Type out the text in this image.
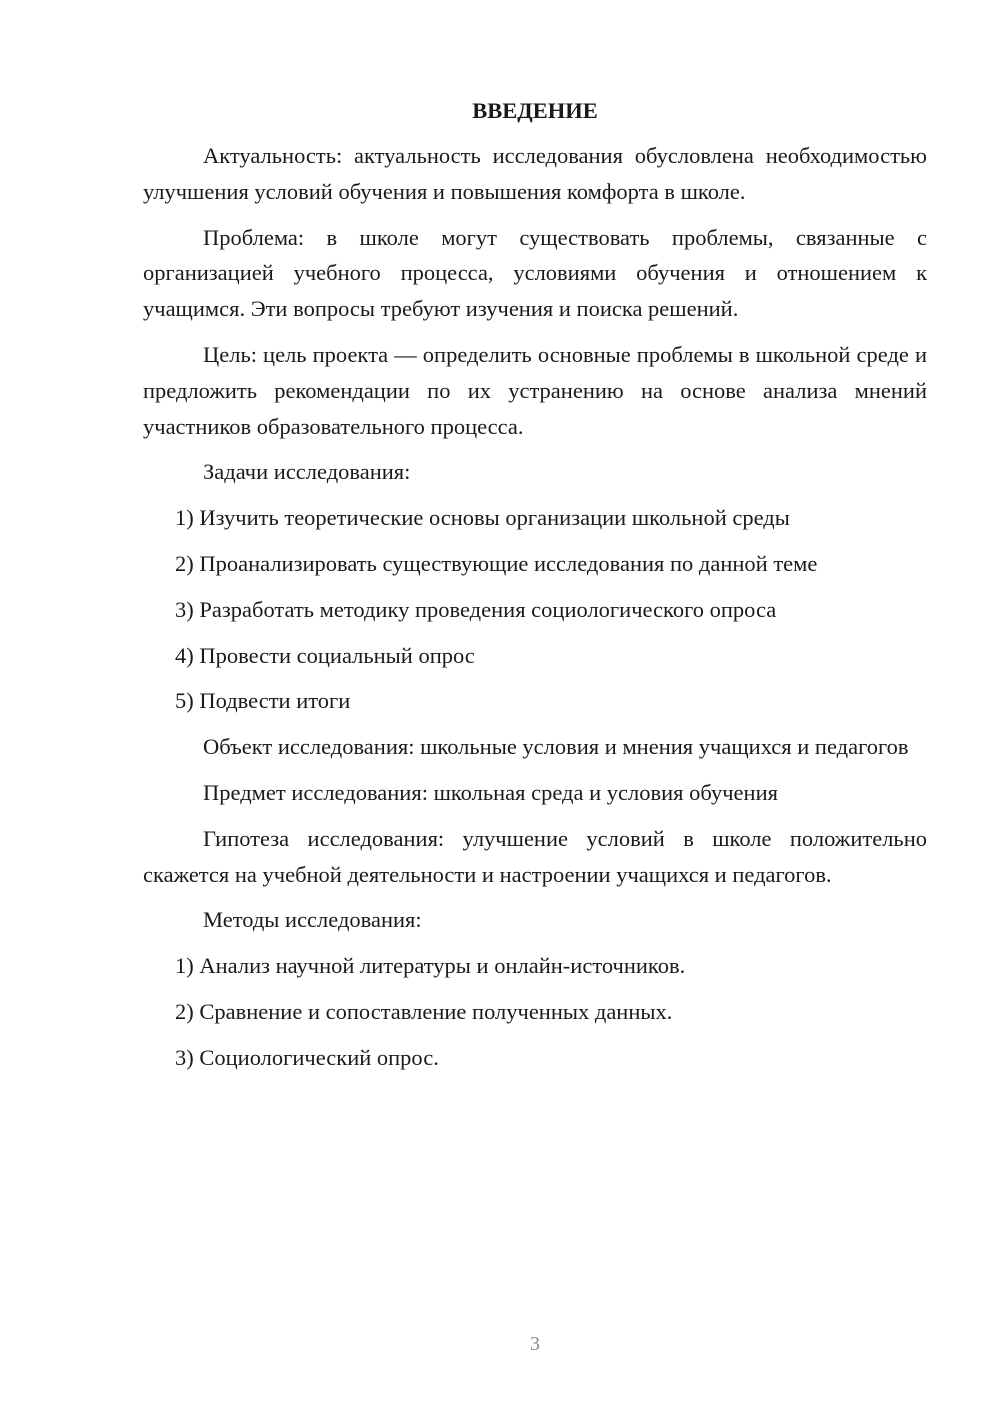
ВВЕДЕНИЕ
Актуальность: актуальность исследования обусловлена необходимостью улучшения условий обучения и повышения комфорта в школе.
Проблема: в школе могут существовать проблемы, связанные с организацией учебного процесса, условиями обучения и отношением к учащимся. Эти вопросы требуют изучения и поиска решений.
Цель: цель проекта — определить основные проблемы в школьной среде и предложить рекомендации по их устранению на основе анализа мнений участников образовательного процесса.
Задачи исследования:
1) Изучить теоретические основы организации школьной среды
2) Проанализировать существующие исследования по данной теме
3) Разработать методику проведения социологического опроса
4) Провести социальный опрос
5) Подвести итоги
Объект исследования: школьные условия и мнения учащихся и педагогов
Предмет исследования: школьная среда и условия обучения
Гипотеза исследования: улучшение условий в школе положительно скажется на учебной деятельности и настроении учащихся и педагогов.
Методы исследования:
1) Анализ научной литературы и онлайн-источников.
2) Сравнение и сопоставление полученных данных.
3) Социологический опрос.
3
